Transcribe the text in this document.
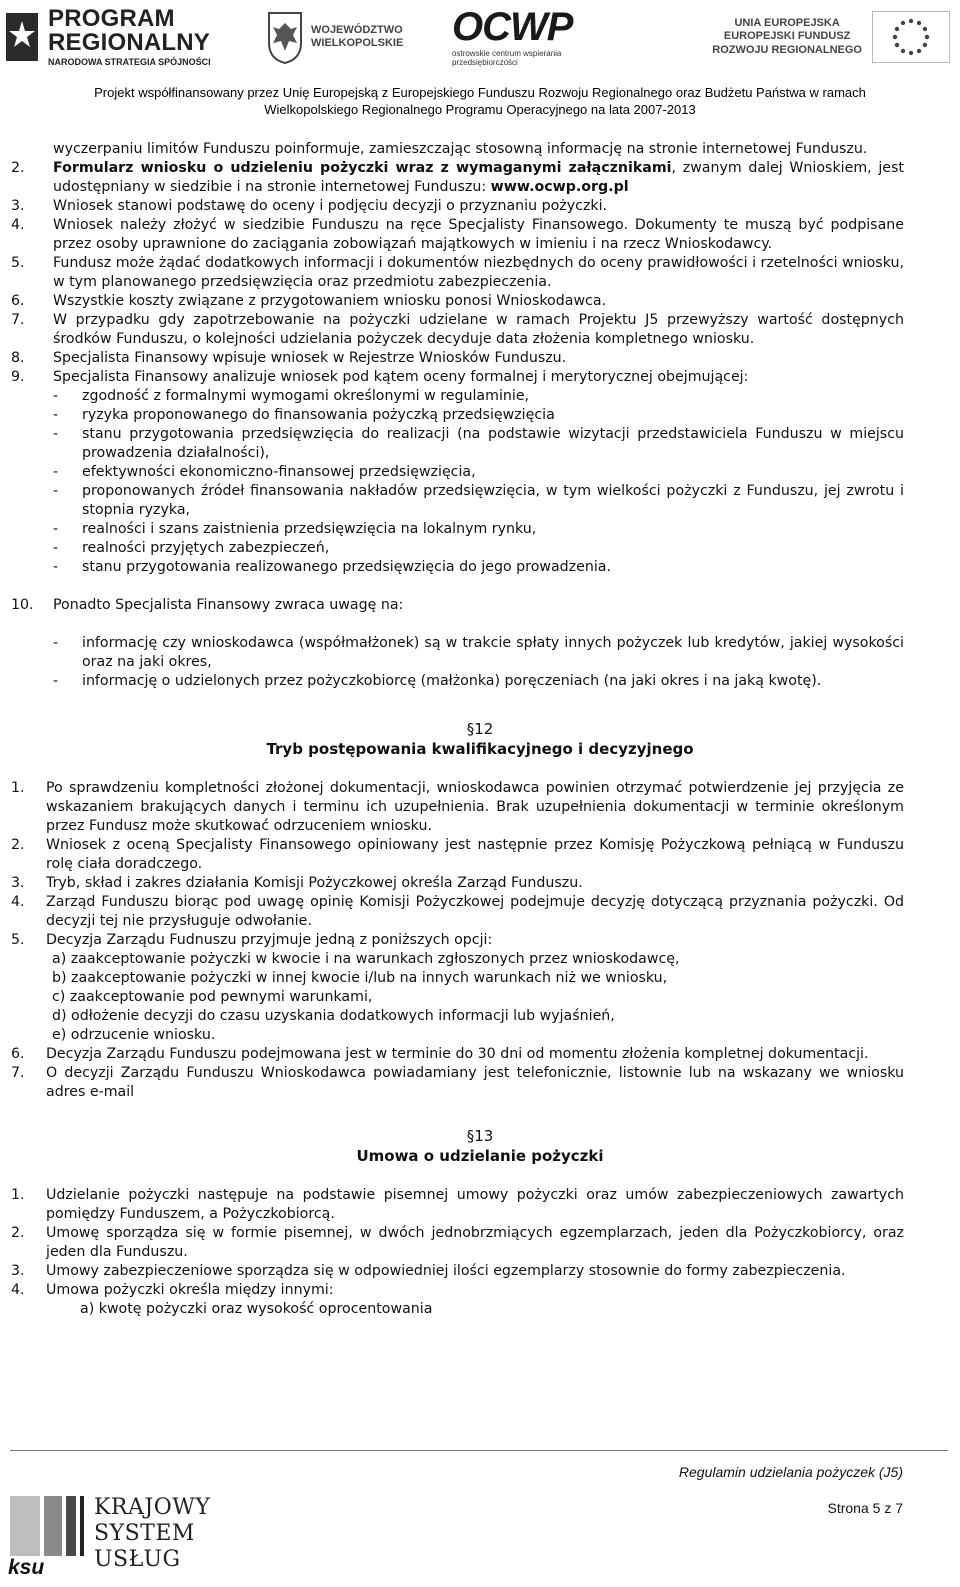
PROGRAM
REGIONALNY
NARODOWA STRATEGIA SPÓJNOŚCI
WOJEWÓDZTWO
WIELKOPOLSKIE OCWP
ostrowskie centrum wspierania przedsiębiorczości
UNIA EUROPEJSKA
EUROPEJSKI FUNDUSZ
ROZWOJU REGIONALNEGO
Projekt współfinansowany przez Unię Europejską z Europejskiego Funduszu Rozwoju Regionalnego oraz Budżetu Państwa w ramach
Wielkopolskiego Regionalnego Programu Operacyjnego na lata 2007-2013
wyczerpaniu limitów Funduszu poinformuje, zamieszczając stosowną informację na stronie internetowej Funduszu.
2. Formularz wniosku o udzieleniu pożyczki wraz z wymaganymi załącznikami, zwanym dalej Wnioskiem, jest udostępniany w siedzibie i na stronie internetowej Funduszu: www.ocwp.org.pl
3. Wniosek stanowi podstawę do oceny i podjęciu decyzji o przyznaniu pożyczki.
4. Wniosek należy złożyć w siedzibie Funduszu na ręce Specjalisty Finansowego. Dokumenty te muszą być podpisane przez osoby uprawnione do zaciągania zobowiązań majątkowych w imieniu i na rzecz Wnioskodawcy.
5. Fundusz może żądać dodatkowych informacji i dokumentów niezbędnych do oceny prawidłowości i rzetelności wniosku, w tym planowanego przedsięwzięcia oraz przedmiotu zabezpieczenia.
6. Wszystkie koszty związane z przygotowaniem wniosku ponosi Wnioskodawca.
7. W przypadku gdy zapotrzebowanie na pożyczki udzielane w ramach Projektu J5 przewyższy wartość dostępnych środków Funduszu, o kolejności udzielania pożyczek decyduje data złożenia kompletnego wniosku.
8. Specjalista Finansowy wpisuje wniosek w Rejestrze Wniosków Funduszu.
9. Specjalista Finansowy analizuje wniosek pod kątem oceny formalnej i merytorycznej obejmującej:
- zgodność z formalnymi wymogami określonymi w regulaminie,
- ryzyka proponowanego do finansowania pożyczką przedsięwzięcia
- stanu przygotowania przedsięwzięcia do realizacji (na podstawie wizytacji przedstawiciela Funduszu w miejscu prowadzenia działalności),
- efektywności ekonomiczno-finansowej przedsięwzięcia,
- proponowanych źródeł finansowania nakładów przedsięwzięcia, w tym wielkości pożyczki z Funduszu, jej zwrotu i stopnia ryzyka,
- realności i szans zaistnienia przedsięwzięcia na lokalnym rynku,
- realności przyjętych zabezpieczeń,
- stanu przygotowania realizowanego przedsięwzięcia do jego prowadzenia.
10. Ponadto Specjalista Finansowy zwraca uwagę na:
- informację czy wnioskodawca (współmałżonek) są w trakcie spłaty innych pożyczek lub kredytów, jakiej wysokości oraz na jaki okres,
- informację o udzielonych przez pożyczkobiorcę (małżonka) poręczeniach (na jaki okres i na jaką kwotę).
§12
Tryb postępowania kwalifikacyjnego i decyzyjnego
1. Po sprawdzeniu kompletności złożonej dokumentacji, wnioskodawca powinien otrzymać potwierdzenie jej przyjęcia ze wskazaniem brakujących danych i terminu ich uzupełnienia. Brak uzupełnienia dokumentacji w terminie określonym przez Fundusz może skutkować odrzuceniem wniosku.
2. Wniosek z oceną Specjalisty Finansowego opiniowany jest następnie przez Komisję Pożyczkową pełniącą w Funduszu rolę ciała doradczego.
3. Tryb, skład i zakres działania Komisji Pożyczkowej określa Zarząd Funduszu.
4. Zarząd Funduszu biorąc pod uwagę opinię Komisji Pożyczkowej podejmuje decyzję dotyczącą przyznania pożyczki. Od decyzji tej nie przysługuje odwołanie.
5. Decyzja Zarządu Fudnuszu przyjmuje jedną z poniższych opcji:
a) zaakceptowanie pożyczki w kwocie i na warunkach zgłoszonych przez wnioskodawcę,
b) zaakceptowanie pożyczki w innej kwocie i/lub na innych warunkach niż we wniosku,
c) zaakceptowanie pod pewnymi warunkami,
d) odłożenie decyzji do czasu uzyskania dodatkowych informacji lub wyjaśnień,
e) odrzucenie wniosku.
6. Decyzja Zarządu Funduszu podejmowana jest w terminie do 30 dni od momentu złożenia kompletnej dokumentacji.
7. O decyzji Zarządu Funduszu Wnioskodawca powiadamiany jest telefonicznie, listownie lub na wskazany we wniosku adres e-mail
§13
Umowa o udzielanie pożyczki
1. Udzielanie pożyczki następuje na podstawie pisemnej umowy pożyczki oraz umów zabezpieczeniowych zawartych pomiędzy Funduszem, a Pożyczkobiorcą.
2. Umowę sporządza się w formie pisemnej, w dwóch jednobrzmiących egzemplarzach, jeden dla Pożyczkobiorcy, oraz jeden dla Funduszu.
3. Umowy zabezpieczeniowe sporządza się w odpowiedniej ilości egzemplarzy stosownie do formy zabezpieczenia.
4. Umowa pożyczki określa między innymi:
a) kwotę pożyczki oraz wysokość oprocentowania
Regulamin udzielania pożyczek (J5)
Strona 5 z 7
KRAJOWY
SYSTEM
USŁUG
ksu
